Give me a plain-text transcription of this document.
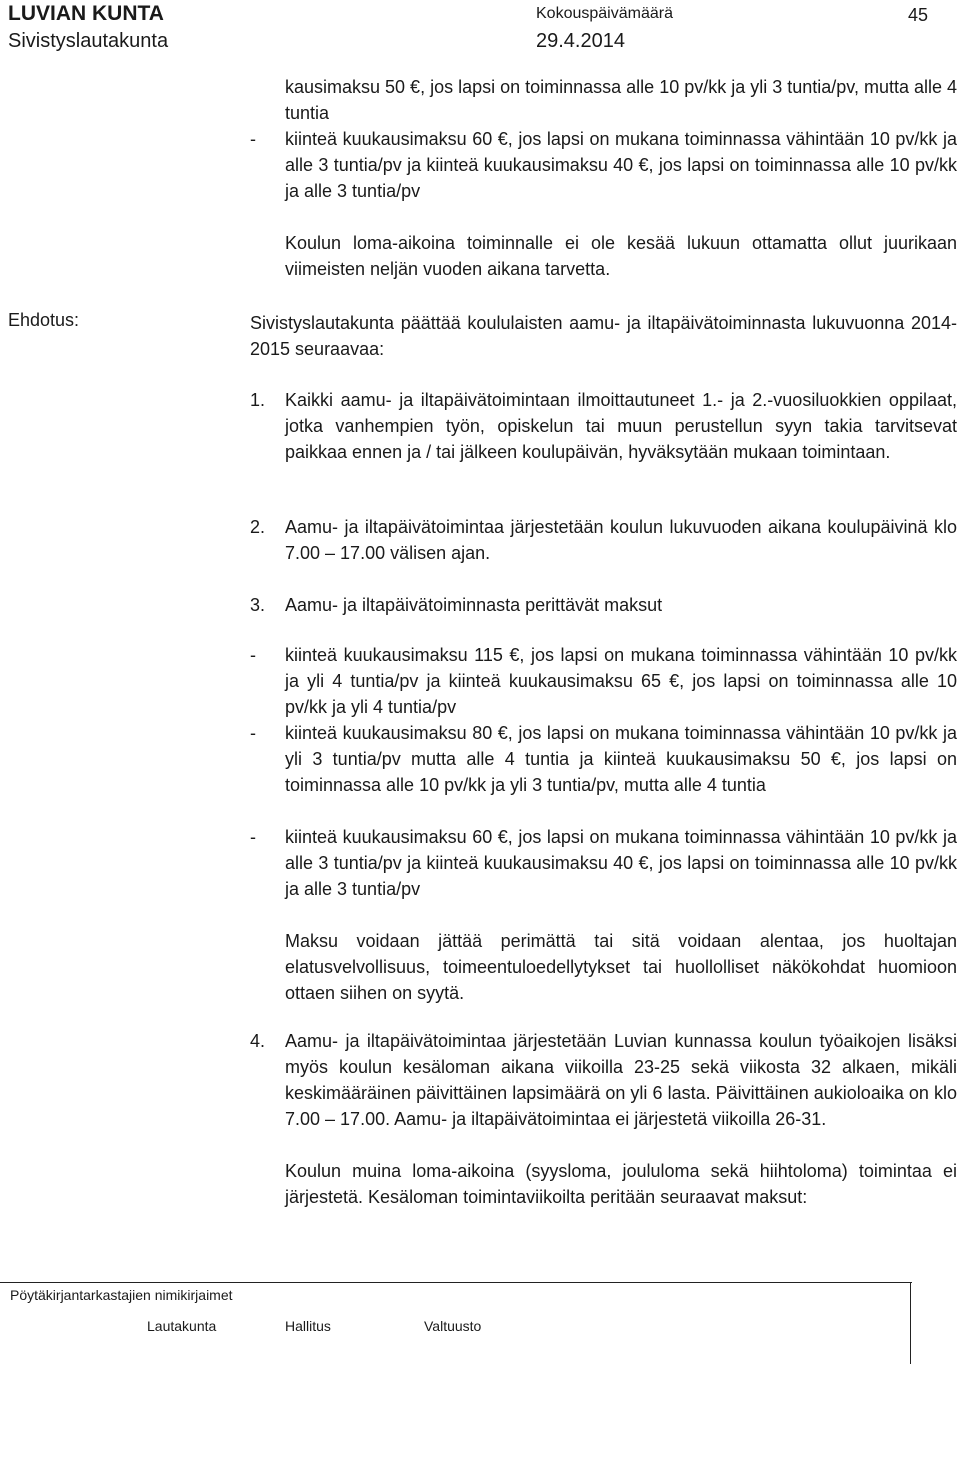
LUVIAN KUNTA
Sivistyslautakunta
Kokouspäivämäärä
29.4.2014
45

kausimaksu 50 €, jos lapsi on toiminnassa alle 10 pv/kk ja yli 3 tuntia/pv, mutta alle 4 tuntia

- kiinteä kuukausimaksu 60 €, jos lapsi on mukana toiminnassa vähintään 10 pv/kk ja alle 3 tuntia/pv ja kiinteä kuukausimaksu 40 €, jos lapsi on toiminnassa alle 10 pv/kk ja alle 3 tuntia/pv

Koulun loma-aikoina toiminnalle ei ole kesää lukuun ottamatta ollut juurikaan viimeisten neljän vuoden aikana tarvetta.

Ehdotus:	Sivistyslautakunta päättää koululaisten aamu- ja iltapäivätoiminnasta lukuvuonna 2014-2015 seuraavaa:

1. Kaikki aamu- ja iltapäivätoimintaan ilmoittautuneet 1.- ja 2.-vuosiluokkien oppilaat, jotka vanhempien työn, opiskelun tai muun perustellun syyn takia tarvitsevat paikkaa ennen ja / tai jälkeen koulupäivän, hyväksytään mukaan toimintaan.

2. Aamu- ja iltapäivätoimintaa järjestetään koulun lukuvuoden aikana koulupäivinä klo 7.00 – 17.00 välisen ajan.

3. Aamu- ja iltapäivätoiminnasta perittävät maksut

- kiinteä kuukausimaksu 115 €, jos lapsi on mukana toiminnassa vähintään 10 pv/kk ja yli 4 tuntia/pv ja kiinteä kuukausimaksu 65 €, jos lapsi on toiminnassa alle 10 pv/kk ja yli 4 tuntia/pv

- kiinteä kuukausimaksu 80 €, jos lapsi on mukana toiminnassa vähintään 10 pv/kk ja yli 3 tuntia/pv mutta alle 4 tuntia ja kiinteä kuukausimaksu 50 €, jos lapsi on toiminnassa alle 10 pv/kk ja yli 3 tuntia/pv, mutta alle 4 tuntia

- kiinteä kuukausimaksu 60 €, jos lapsi on mukana toiminnassa vähintään 10 pv/kk ja alle 3 tuntia/pv ja kiinteä kuukausimaksu 40 €, jos lapsi on toiminnassa alle 10 pv/kk ja alle 3 tuntia/pv

Maksu voidaan jättää perimättä tai sitä voidaan alentaa, jos huoltajan elatusvelvollisuus, toimeentuloedellytykset tai huollolliset näkökohdat huomioon ottaen siihen on syytä.

4. Aamu- ja iltapäivätoimintaa järjestetään Luvian kunnassa koulun työaikojen lisäksi myös koulun kesäloman aikana viikoilla 23-25 sekä viikosta 32 alkaen, mikäli keskimääräinen päivittäinen lapsimäärä on yli 6 lasta. Päivittäinen aukioloaika on klo 7.00 – 17.00. Aamu- ja iltapäivätoimintaa ei järjestetä viikoilla 26-31.

Koulun muina loma-aikoina (syysloma, joululoma sekä hiihtoloma) toimintaa ei järjestetä. Kesäloman toimintaviikoilta peritään seuraavat maksut:

Pöytäkirjantarkastajien nimikirjaimet
Lautakunta	Hallitus	Valtuusto
